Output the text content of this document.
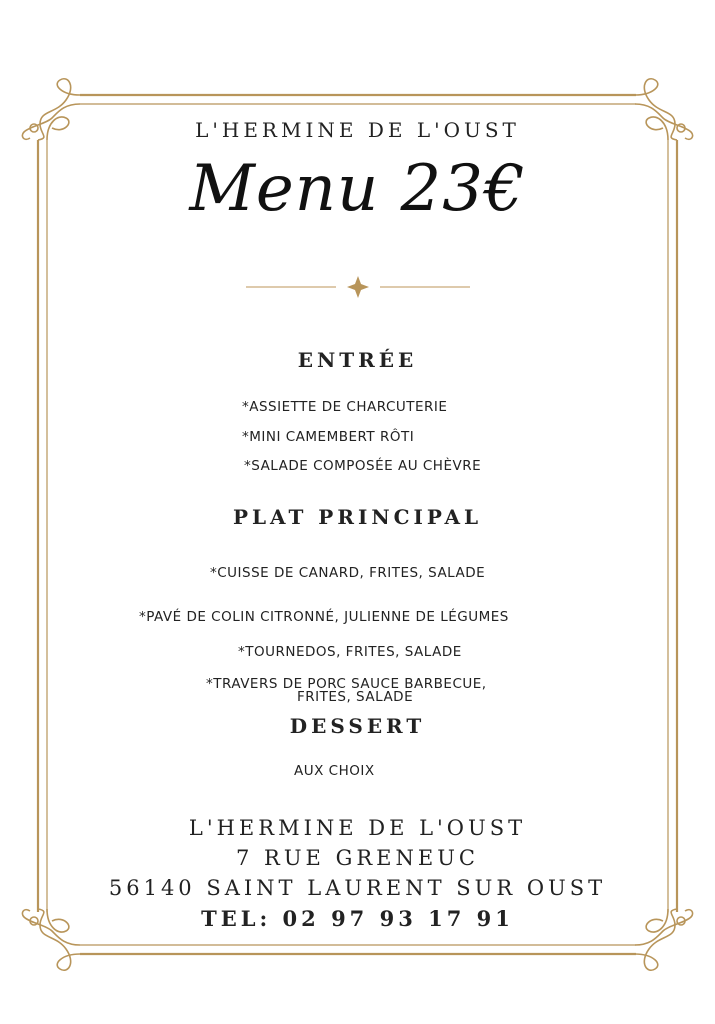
L'HERMINE DE L'OUST
Menu 23€
ENTRÉE
*ASSIETTE DE CHARCUTERIE
*MINI CAMEMBERT RÔTI
*SALADE COMPOSÉE AU CHÈVRE
PLAT PRINCIPAL
*CUISSE DE CANARD, FRITES, SALADE
*PAVÉ DE COLIN CITRONNÉ, JULIENNE DE LÉGUMES
*TOURNEDOS, FRITES, SALADE
*TRAVERS DE PORC SAUCE BARBECUE,
FRITES, SALADE
DESSERT
AUX CHOIX
L'HERMINE DE L'OUST
7 RUE GRENEUC
56140 SAINT LAURENT SUR OUST
TEL: 02 97 93 17 91
